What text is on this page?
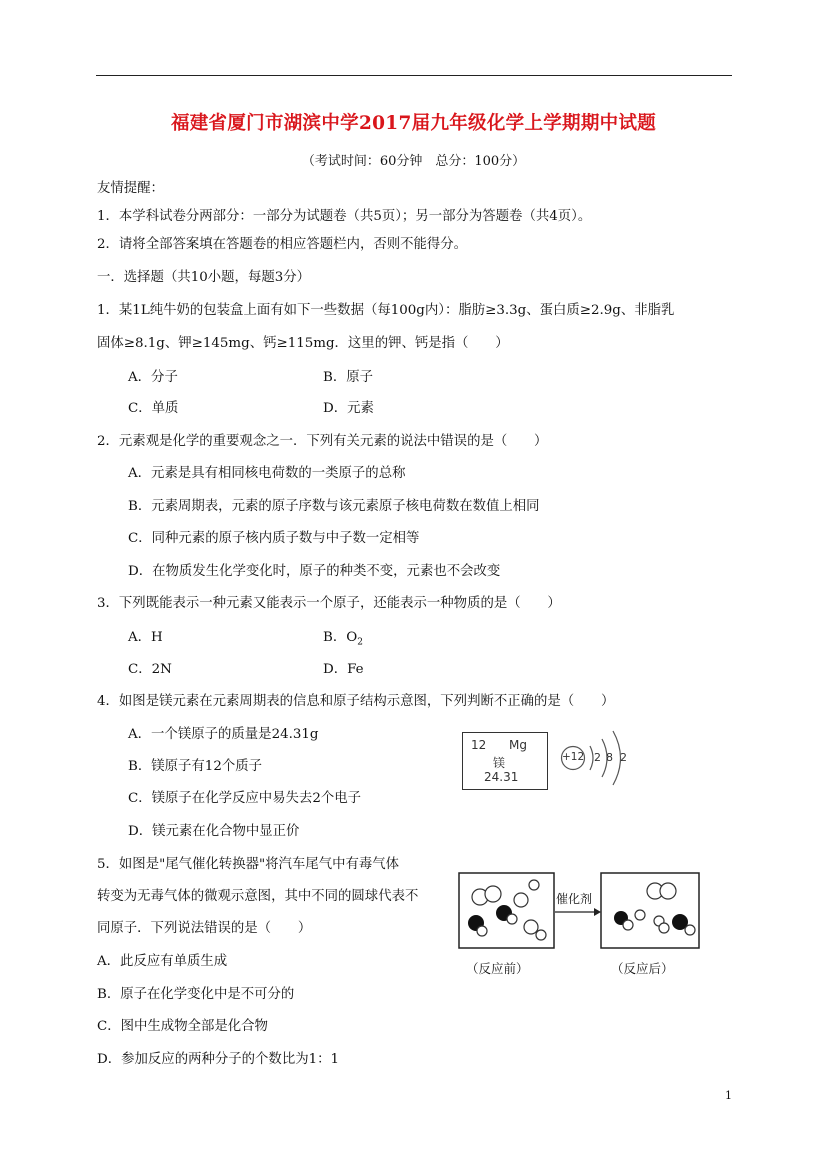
福建省厦门市湖滨中学2017届九年级化学上学期期中试题
（考试时间：60分钟　总分：100分）
友情提醒：
1．本学科试卷分两部分：一部分为试题卷（共5页）；另一部分为答题卷（共4页）。
2．请将全部答案填在答题卷的相应答题栏内，否则不能得分。
一．选择题（共10小题，每题3分）
1．某1L纯牛奶的包装盒上面有如下一些数据（每100g内）：脂肪≥3.3g、蛋白质≥2.9g、非脂乳
固体≥8.1g、钾≥145mg、钙≥115mg．这里的钾、钙是指（　　）
A．分子	B．原子
C．单质	D．元素
2．元素观是化学的重要观念之一．下列有关元素的说法中错误的是（　　）
A．元素是具有相同核电荷数的一类原子的总称
B．元素周期表，元素的原子序数与该元素原子核电荷数在数值上相同
C．同种元素的原子核内质子数与中子数一定相等
D．在物质发生化学变化时，原子的种类不变，元素也不会改变
3．下列既能表示一种元素又能表示一个原子，还能表示一种物质的是（　　）
A．H	B．$O_2$
C．2N	D．Fe
4．如图是镁元素在元素周期表的信息和原子结构示意图，下列判断不正确的是（　　）
A．一个镁原子的质量是24.31g
B．镁原子有12个质子
C．镁原子在化学反应中易失去2个电子
D．镁元素在化合物中显正价
12 Mg
镁
24.31
+12 2 8 2
5．如图是"尾气催化转换器"将汽车尾气中有毒气体
转变为无毒气体的微观示意图，其中不同的圆球代表不
同原子．下列说法错误的是（　　）
A．此反应有单质生成
B．原子在化学变化中是不可分的
C．图中生成物全部是化合物
D．参加反应的两种分子的个数比为1：1
催化剂
（反应前）	（反应后）
1
